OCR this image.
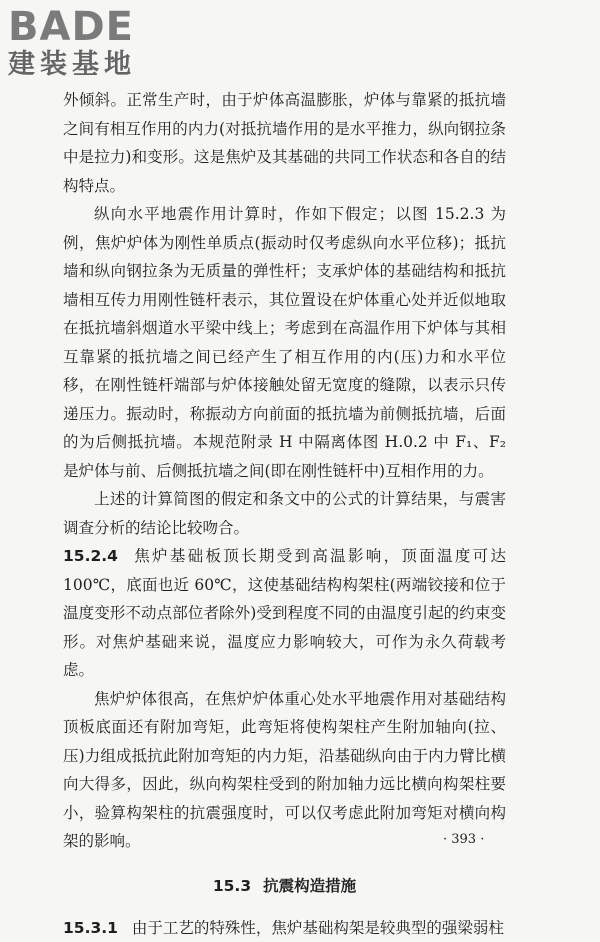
BADE
建装基地

外倾斜。正常生产时，由于炉体高温膨胀，炉体与靠紧的抵抗墙之间有相互作用的内力(对抵抗墙作用的是水平推力，纵向钢拉条中是拉力)和变形。这是焦炉及其基础的共同工作状态和各自的结构特点。

纵向水平地震作用计算时，作如下假定；以图 15.2.3 为例，焦炉炉体为刚性单质点(振动时仅考虑纵向水平位移)；抵抗墙和纵向钢拉条为无质量的弹性杆；支承炉体的基础结构和抵抗墙相互传力用刚性链杆表示，其位置设在炉体重心处并近似地取在抵抗墙斜烟道水平梁中线上；考虑到在高温作用下炉体与其相互靠紧的抵抗墙之间已经产生了相互作用的内(压)力和水平位移，在刚性链杆端部与炉体接触处留无宽度的缝隙，以表示只传递压力。振动时，称振动方向前面的抵抗墙为前侧抵抗墙，后面的为后侧抵抗墙。本规范附录 H 中隔离体图 H.0.2 中 F₁、F₂ 是炉体与前、后侧抵抗墙之间(即在刚性链杆中)互相作用的力。

上述的计算简图的假定和条文中的公式的计算结果，与震害调查分析的结论比较吻合。

15.2.4 焦炉基础板顶长期受到高温影响，顶面温度可达 100℃，底面也近 60℃，这使基础结构构架柱(两端铰接和位于温度变形不动点部位者除外)受到程度不同的由温度引起的约束变形。对焦炉基础来说，温度应力影响较大，可作为永久荷载考虑。

焦炉炉体很高，在焦炉炉体重心处水平地震作用对基础结构顶板底面还有附加弯矩，此弯矩将使构架柱产生附加轴向(拉、压)力组成抵抗此附加弯矩的内力矩，沿基础纵向由于内力臂比横向大得多，因此，纵向构架柱受到的附加轴力远比横向构架柱要小，验算构架柱的抗震强度时，可以仅考虑此附加弯矩对横向构架的影响。

15.3 抗震构造措施

15.3.1 由于工艺的特殊性，焦炉基础构架是较典型的强梁弱柱

· 393 ·
